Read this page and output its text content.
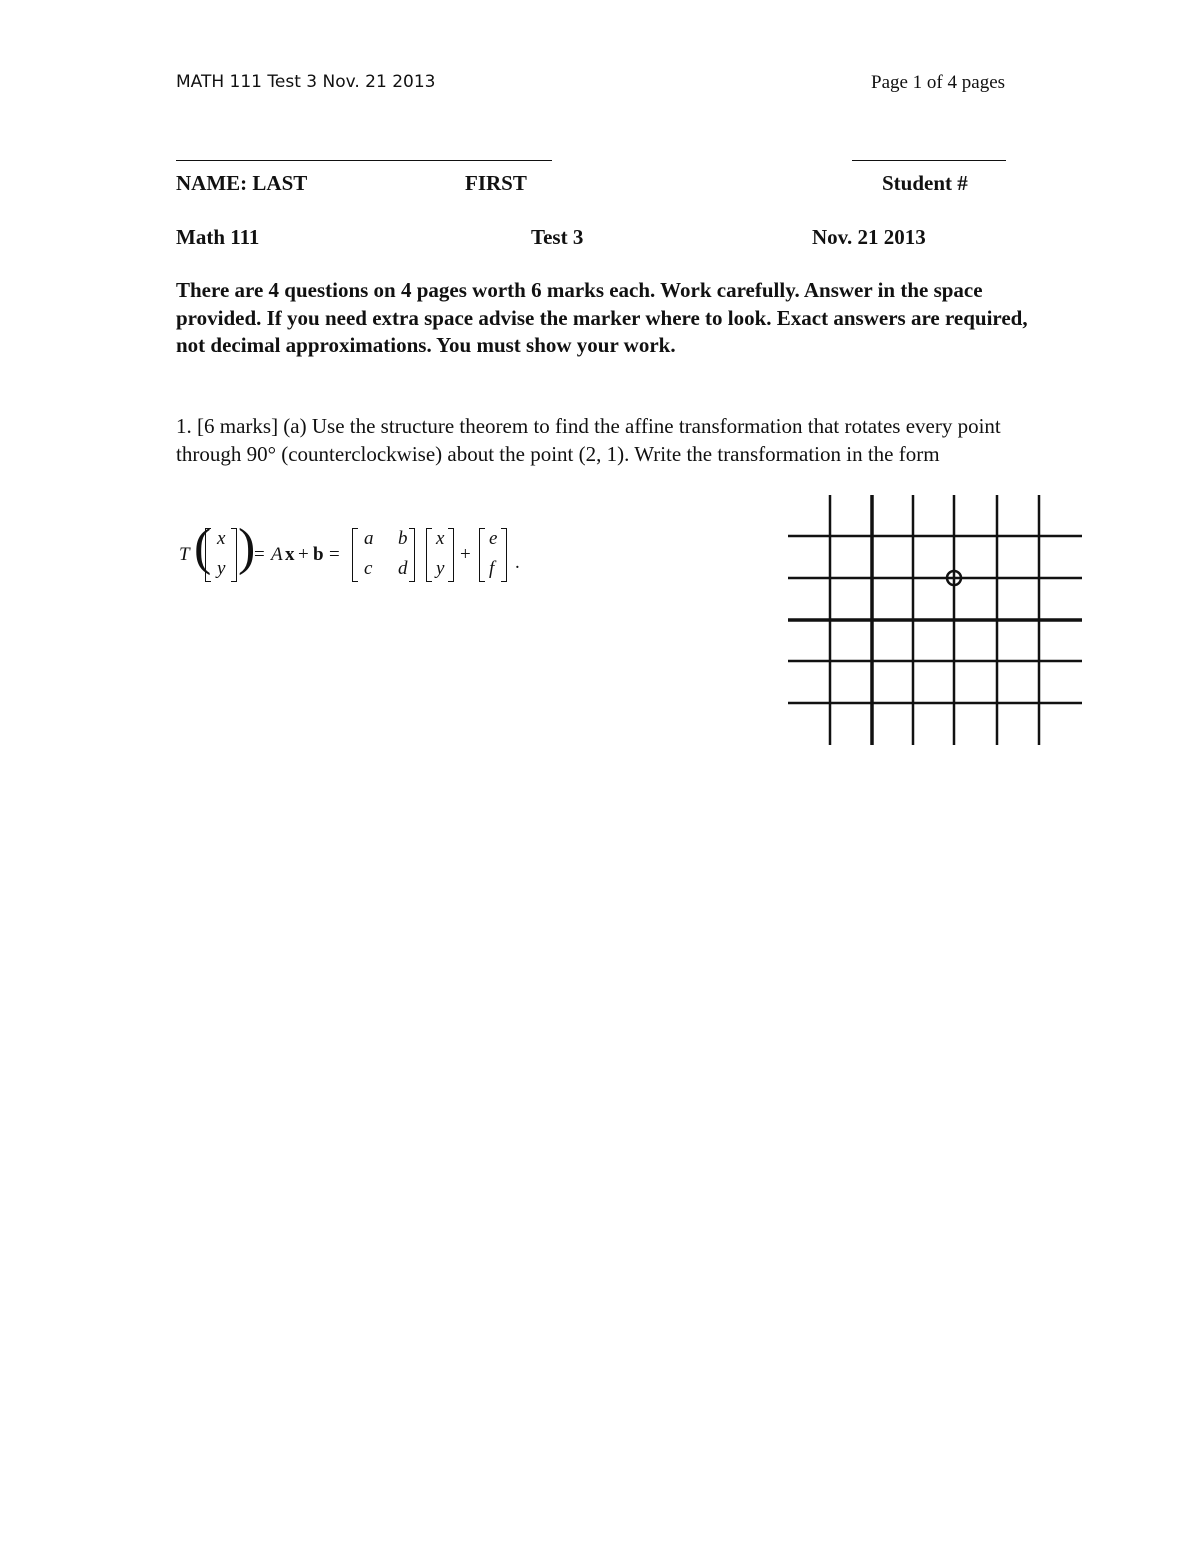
MATH 111 Test 3 Nov. 21 2013	Page 1 of 4 pages
NAME: LAST	FIRST	Student #
Math 111	Test 3	Nov. 21 2013
There are 4 questions on 4 pages worth 6 marks each. Work carefully. Answer in the space provided. If you need extra space advise the marker where to look. Exact answers are required, not decimal approximations. You must show your work.
1. [6 marks] (a) Use the structure theorem to find the affine transformation that rotates every point through 90° (counterclockwise) about the point (2, 1). Write the transformation in the form
T ( x
y )
= A x + b =
a b
c d
x
y
+
e
f .
